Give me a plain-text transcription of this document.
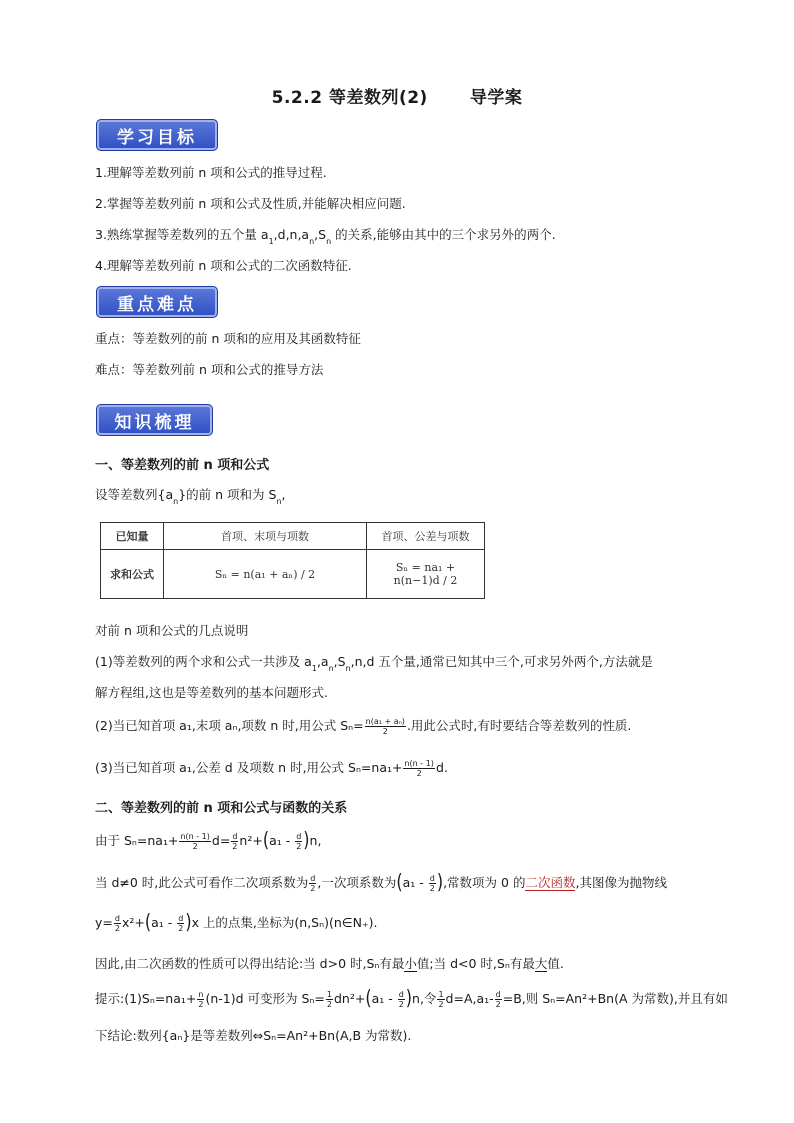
5.2.2 等差数列(2) 导学案
学习目标
1.理解等差数列前 n 项和公式的推导过程.
2.掌握等差数列前 n 项和公式及性质,并能解决相应问题.
3.熟练掌握等差数列的五个量 $a_1,d,n,a_n,S_n$ 的关系,能够由其中的三个求另外的两个.
4.理解等差数列前 n 项和公式的二次函数特征.
重点难点
重点：等差数列的前 n 项和的应用及其函数特征
难点：等差数列前 n 项和公式的推导方法
知识梳理
一、等差数列的前 n 项和公式
设等差数列$\{a_n\}$的前 n 项和为 $S_n$,
已知量	首项、末项与项数	首项、公差与项数
求和公式	Sₙ = n(a₁ + aₙ) / 2	Sₙ = na₁ + n(n−1)d / 2
对前 n 项和公式的几点说明
(1)等差数列的两个求和公式一共涉及 $a_1,a_n,S_n,n,d$ 五个量,通常已知其中三个,可求另外两个,方法就是
解方程组,这也是等差数列的基本问题形式.
(2)当已知首项 a₁,末项 aₙ,项数 n 时,用公式 $S_n= \frac{\text{n(a₁ + aₙ)}}{2}$ .用此公式时,有时要结合等差数列的性质.
(3)当已知首项 a₁,公差 d 及项数 n 时,用公式 $S_n=na_1+ \frac{n(n - 1)}{2} d$.
二、等差数列的前 n 项和公式与函数的关系
由于 $S_n=na_1+ \frac{n(n - 1)}{2} d= \frac{d}{2} n^2+(a_1 - \frac{d}{2} )n$,
当 d≠0 时,此公式可看作二次项系数为 $\frac{d}{2}$ ,一次项系数为($a_1 - \frac{d}{2}$ ),常数项为 0 的二次函数,其图像为抛物线
$y= \frac{d}{2} x^2+(a_1 - \frac{d}{2} )x$ 上的点集,坐标为(n,Sₙ)(n∈N₊).
因此,由二次函数的性质可以得出结论:当 d>0 时,Sₙ有最小值;当 d<0 时,Sₙ有最大值.
提示:(1)Sₙ=na₁+ $\frac{n}{2} (n-1)d$ 可变形为 $S_n= \frac{1}{2} dn^2+(a_1 - \frac{d}{2} )n$,令 $\frac{1}{2} d=A,a_1- \frac{d}{2} =B$,则 Sₙ=An²+Bn(A 为常数),并且有如
下结论:数列{aₙ}是等差数列⇔Sₙ=An²+Bn(A,B 为常数).
